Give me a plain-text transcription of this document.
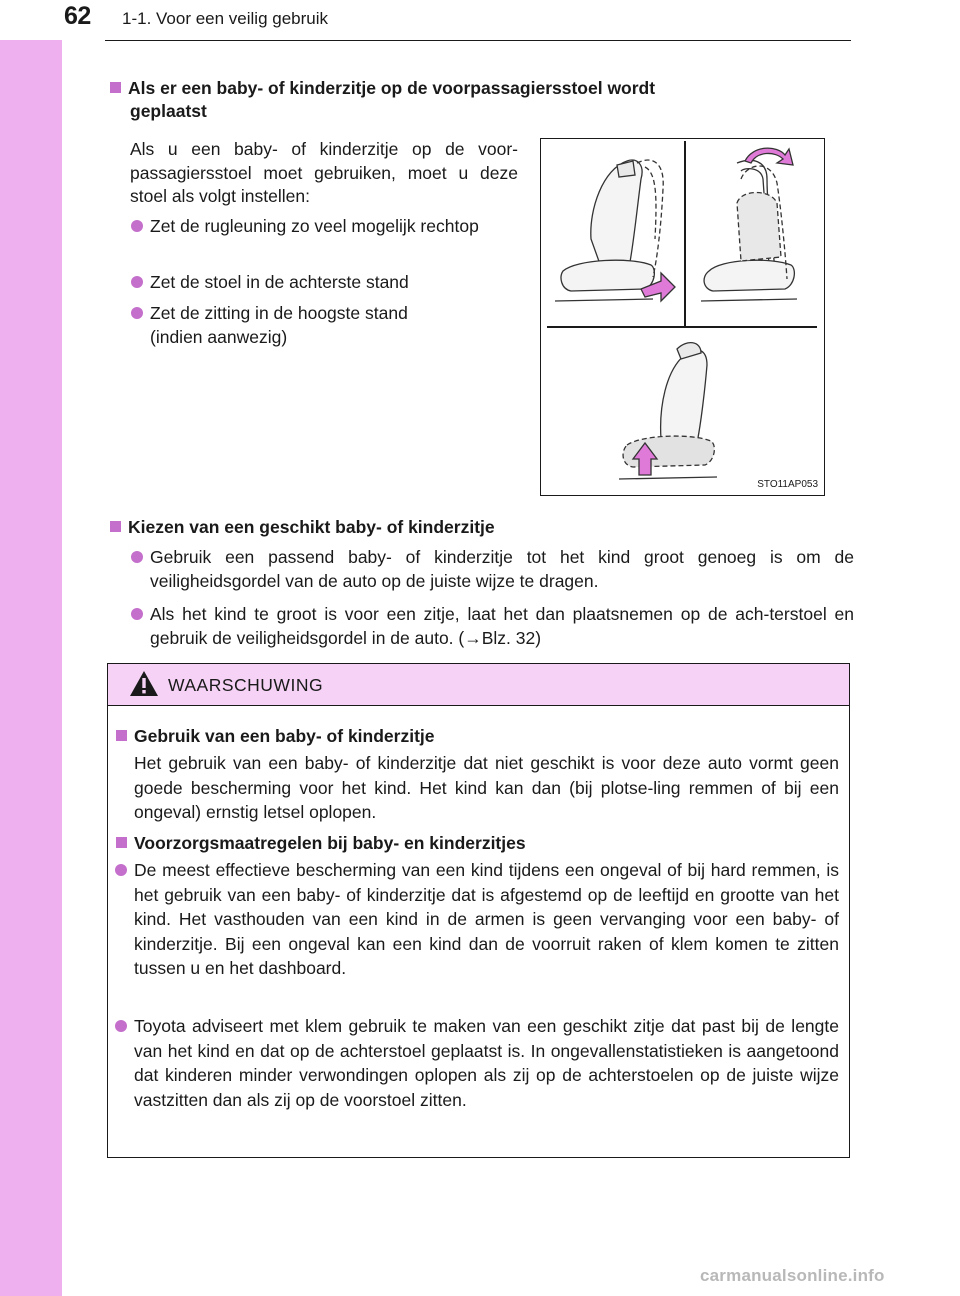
62 1-1. Voor een veilig gebruik
Als er een baby- of kinderzitje op de voorpassagiersstoel wordt
geplaatst
Als u een baby- of kinderzitje op de voor-passagiersstoel moet gebruiken, moet u deze stoel als volgt instellen:
Zet de rugleuning zo veel mogelijk rechtop
Zet de stoel in de achterste stand
Zet de zitting in de hoogste stand (indien aanwezig)
STO11AP053
Kiezen van een geschikt baby- of kinderzitje
Gebruik een passend baby- of kinderzitje tot het kind groot genoeg is om de veiligheidsgordel van de auto op de juiste wijze te dragen.
Als het kind te groot is voor een zitje, laat het dan plaatsnemen op de ach-terstoel en gebruik de veiligheidsgordel in de auto. (→Blz. 32)
WAARSCHUWING
Gebruik van een baby- of kinderzitje
Het gebruik van een baby- of kinderzitje dat niet geschikt is voor deze auto vormt geen goede bescherming voor het kind. Het kind kan dan (bij plotse-ling remmen of bij een ongeval) ernstig letsel oplopen.
Voorzorgsmaatregelen bij baby- en kinderzitjes
De meest effectieve bescherming van een kind tijdens een ongeval of bij hard remmen, is het gebruik van een baby- of kinderzitje dat is afgestemd op de leeftijd en grootte van het kind. Het vasthouden van een kind in de armen is geen vervanging voor een baby- of kinderzitje. Bij een ongeval kan een kind dan de voorruit raken of klem komen te zitten tussen u en het dashboard.
Toyota adviseert met klem gebruik te maken van een geschikt zitje dat past bij de lengte van het kind en dat op de achterstoel geplaatst is. In ongevallenstatistieken is aangetoond dat kinderen minder verwondingen oplopen als zij op de achterstoelen op de juiste wijze vastzitten dan als zij op de voorstoel zitten.
carmanualsonline.info
